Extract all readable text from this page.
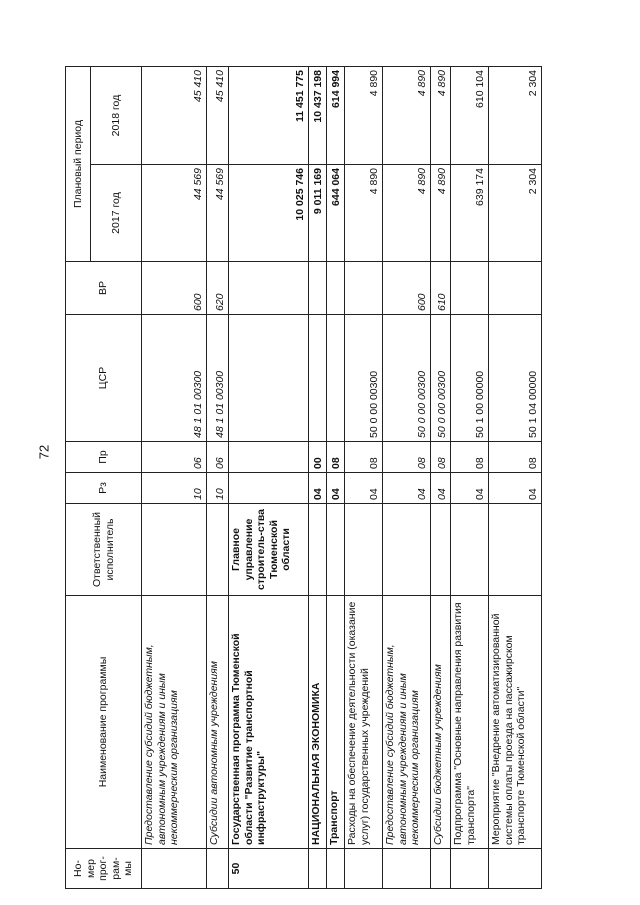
72
Но-мер прог-рам-мы	Наименование программы	Ответственный исполнитель	Рз	Пр	ЦСР	ВР	Плановый период	
							2017 год	2018 год
	Предоставление субсидий бюджетным, автономным учреждениям и иным некоммерческим организациям		10	06	48 1 01 00300	600	44 569	45 410
	Субсидии автономным учреждениям		10	06	48 1 01 00300	620	44 569	45 410
50	Государственная программа Тюменской области "Развитие транспортной инфраструктуры"	Главное управление строитель-ства Тюменской области					10 025 746	11 451 775
	НАЦИОНАЛЬНАЯ ЭКОНОМИКА		04	00			9 011 169	10 437 198
	Транспорт		04	08			644 064	614 994
	Расходы на обеспечение деятельности (оказание услуг) государственных учреждений		04	08	50 0 00 00300		4 890	4 890
	Предоставление субсидий бюджетным, автономным учреждениям и иным некоммерческим организациям		04	08	50 0 00 00300	600	4 890	4 890
	Субсидии бюджетным учреждениям		04	08	50 0 00 00300	610	4 890	4 890
	Подпрограмма "Основные направления развития транспорта"		04	08	50 1 00 00000		639 174	610 104
	Мероприятие "Внедрение автоматизированной системы оплаты проезда на пассажирском транспорте Тюменской области"		04	08	50 1 04 00000		2 304	2 304
